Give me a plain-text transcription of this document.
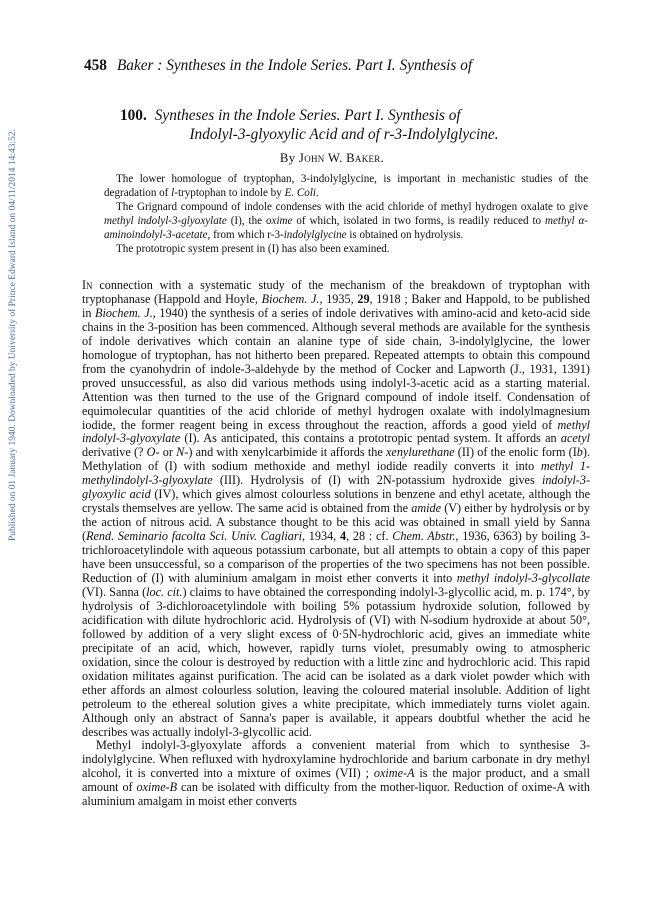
Published on 01 January 1940. Downloaded by University of Prince Edward Island on 04/11/2014 14:43:52.
458 Baker : Syntheses in the Indole Series. Part I. Synthesis of
100. Syntheses in the Indole Series. Part I. Synthesis of
Indolyl-3-glyoxylic Acid and of r-3-Indolylglycine.
By John W. Baker.

The lower homologue of tryptophan, 3-indolylglycine, is important in mechanistic studies of the degradation of l-tryptophan to indole by E. Coli.

The Grignard compound of indole condenses with the acid chloride of methyl hydrogen oxalate to give methyl indolyl-3-glyoxylate (I), the oxime of which, isolated in two forms, is readily reduced to methyl α-aminoindolyl-3-acetate, from which r-3-indolylglycine is obtained on hydrolysis.

The prototropic system present in (I) has also been examined.

In connection with a systematic study of the mechanism of the breakdown of tryptophan with tryptophanase (Happold and Hoyle, Biochem. J., 1935, 29, 1918 ; Baker and Happold, to be published in Biochem. J., 1940) the synthesis of a series of indole derivatives with amino-acid and keto-acid side chains in the 3-position has been commenced. Although several methods are available for the synthesis of indole derivatives which contain an alanine type of side chain, 3-indolylglycine, the lower homologue of tryptophan, has not hitherto been prepared. Repeated attempts to obtain this compound from the cyanohydrin of indole-3-aldehyde by the method of Cocker and Lapworth (J., 1931, 1391) proved unsuccessful, as also did various methods using indolyl-3-acetic acid as a starting material. Attention was then turned to the use of the Grignard compound of indole itself. Condensation of equimolecular quantities of the acid chloride of methyl hydrogen oxalate with indolylmagnesium iodide, the former reagent being in excess throughout the reaction, affords a good yield of methyl indolyl-3-glyoxylate (I). As anticipated, this contains a prototropic pentad system. It affords an acetyl derivative (? O- or N-) and with xenylcarbimide it affords the xenylurethane (II) of the enolic form (Ib). Methylation of (I) with sodium methoxide and methyl iodide readily converts it into methyl 1-methylindolyl-3-glyoxylate (III). Hydrolysis of (I) with 2N-potassium hydroxide gives indolyl-3-glyoxylic acid (IV), which gives almost colourless solutions in benzene and ethyl acetate, although the crystals themselves are yellow. The same acid is obtained from the amide (V) either by hydrolysis or by the action of nitrous acid. A substance thought to be this acid was obtained in small yield by Sanna (Rend. Seminario facolta Sci. Univ. Cagliari, 1934, 4, 28 : cf. Chem. Abstr., 1936, 6363) by boiling 3-trichloroacetylindole with aqueous potassium carbonate, but all attempts to obtain a copy of this paper have been unsuccessful, so a comparison of the properties of the two specimens has not been possible. Reduction of (I) with aluminium amalgam in moist ether converts it into methyl indolyl-3-glycollate (VI). Sanna (loc. cit.) claims to have obtained the corresponding indolyl-3-glycollic acid, m. p. 174°, by hydrolysis of 3-dichloroacetylindole with boiling 5% potassium hydroxide solution, followed by acidification with dilute hydrochloric acid. Hydrolysis of (VI) with N-sodium hydroxide at about 50°, followed by addition of a very slight excess of 0·5N-hydrochloric acid, gives an immediate white precipitate of an acid, which, however, rapidly turns violet, presumably owing to atmospheric oxidation, since the colour is destroyed by reduction with a little zinc and hydrochloric acid. This rapid oxidation militates against purification. The acid can be isolated as a dark violet powder which with ether affords an almost colourless solution, leaving the coloured material insoluble. Addition of light petroleum to the ethereal solution gives a white precipitate, which immediately turns violet again. Although only an abstract of Sanna's paper is available, it appears doubtful whether the acid he describes was actually indolyl-3-glycollic acid.

Methyl indolyl-3-glyoxylate affords a convenient material from which to synthesise 3-indolylglycine. When refluxed with hydroxylamine hydrochloride and barium carbonate in dry methyl alcohol, it is converted into a mixture of oximes (VII) ; oxime-A is the major product, and a small amount of oxime-B can be isolated with difficulty from the mother-liquor. Reduction of oxime-A with aluminium amalgam in moist ether converts
